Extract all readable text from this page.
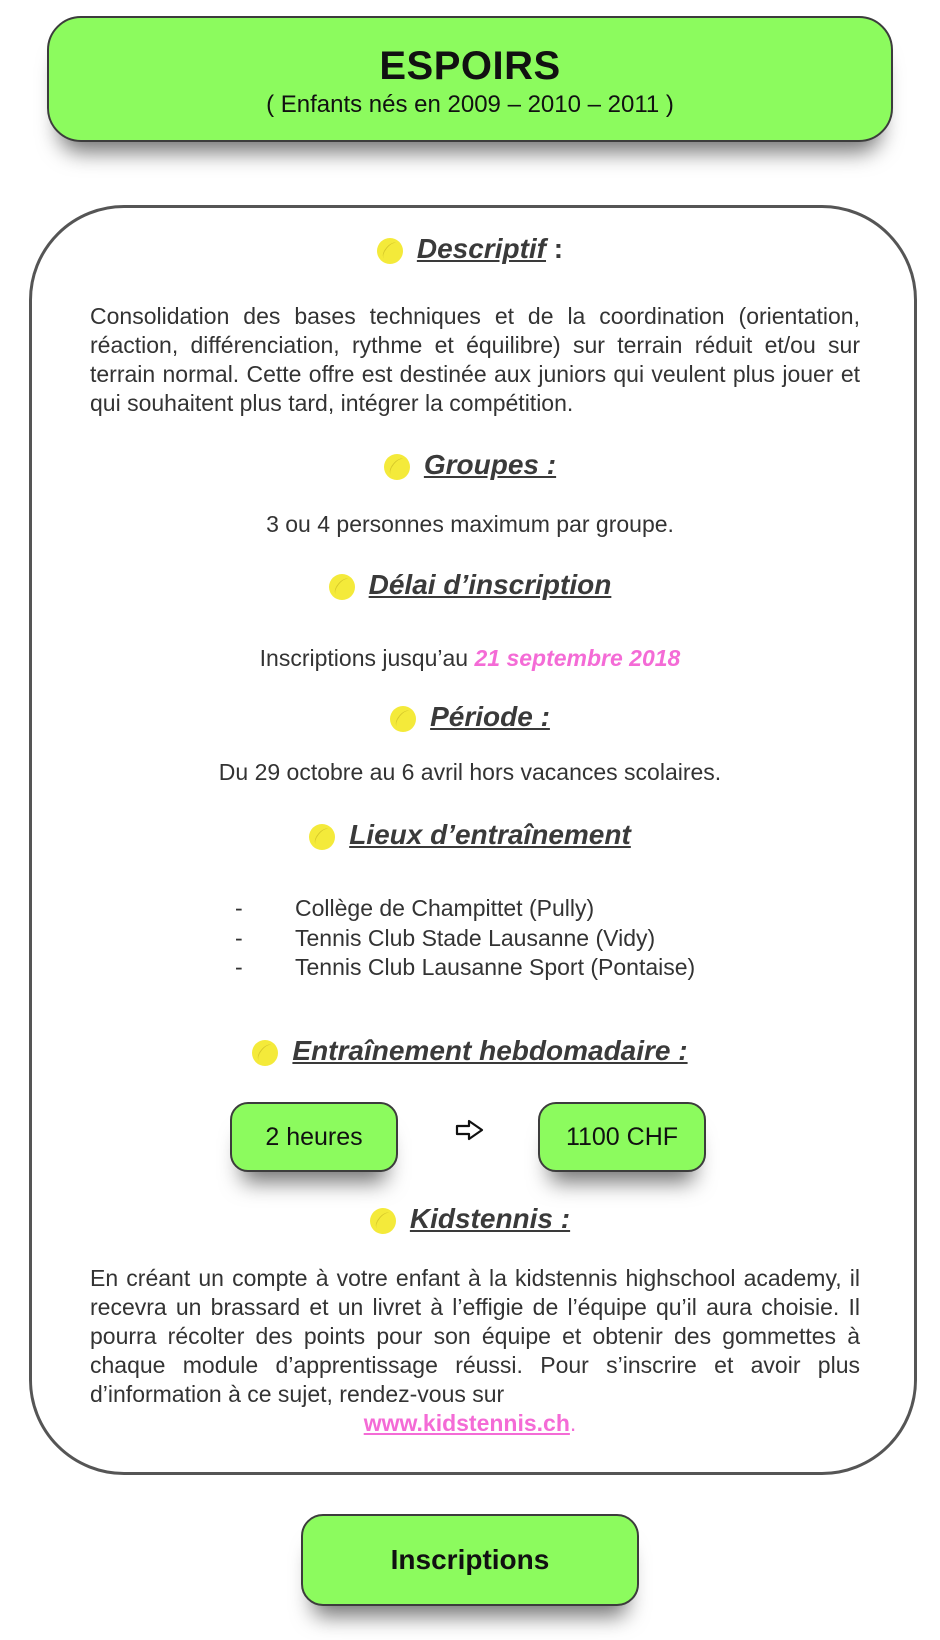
ESPOIRS
( Enfants nés en 2009 – 2010 – 2011 )
Descriptif :
Consolidation des bases techniques et de la coordination (orientation, réaction, différenciation, rythme et équilibre) sur terrain réduit et/ou sur terrain normal. Cette offre est destinée aux juniors qui veulent plus jouer et qui souhaitent plus tard, intégrer la compétition.
Groupes :
3 ou 4 personnes maximum par groupe.
Délai d’inscription
Inscriptions jusqu’au 21 septembre 2018
Période :
Du 29 octobre au 6 avril hors vacances scolaires.
Lieux d’entraînement
- Collège de Champittet (Pully)
- Tennis Club Stade Lausanne (Vidy)
- Tennis Club Lausanne Sport (Pontaise)
Entraînement hebdomadaire :
2 heures	1100 CHF
Kidstennis :
En créant un compte à votre enfant à la kidstennis highschool academy, il recevra un brassard et un livret à l’effigie de l’équipe qu’il aura choisie. Il pourra récolter des points pour son équipe et obtenir des gommettes à chaque module d’apprentissage réussi. Pour s’inscrire et avoir plus d’information à ce sujet, rendez-vous sur
www.kidstennis.ch.
Inscriptions
